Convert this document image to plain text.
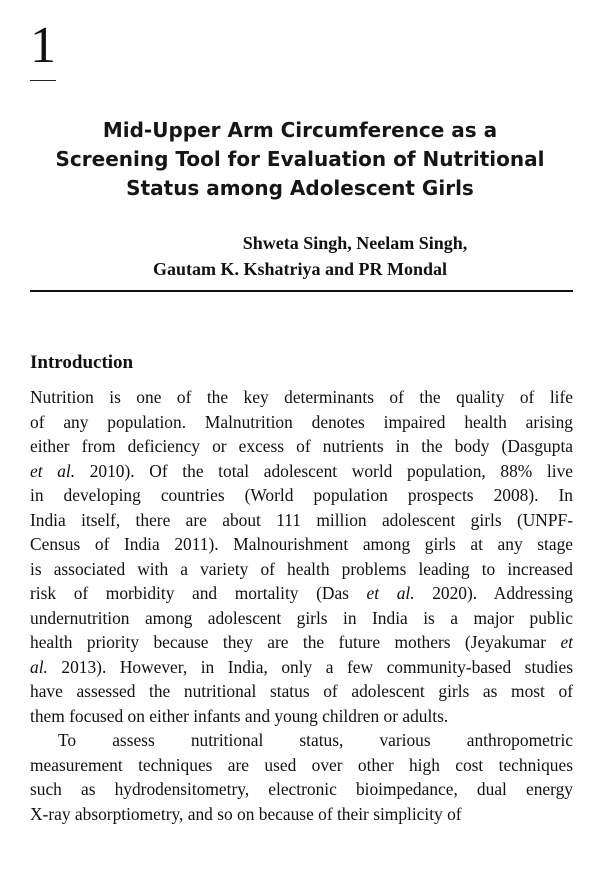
1
Mid-Upper Arm Circumference as a
Screening Tool for Evaluation of Nutritional
Status among Adolescent Girls
Shweta Singh, Neelam Singh,
Gautam K. Kshatriya and PR Mondal
Introduction
Nutrition is one of the key determinants of the quality of life
of any population. Malnutrition denotes impaired health arising
either from deficiency or excess of nutrients in the body (Dasgupta
et al. 2010). Of the total adolescent world population, 88% live
in developing countries (World population prospects 2008). In
India itself, there are about 111 million adolescent girls (UNPF-
Census of India 2011). Malnourishment among girls at any stage
is associated with a variety of health problems leading to increased
risk of morbidity and mortality (Das et al. 2020). Addressing
undernutrition among adolescent girls in India is a major public
health priority because they are the future mothers (Jeyakumar et
al. 2013). However, in India, only a few community-based studies
have assessed the nutritional status of adolescent girls as most of
them focused on either infants and young children or adults.
To assess nutritional status, various anthropometric
measurement techniques are used over other high cost techniques
such as hydrodensitometry, electronic bioimpedance, dual energy
X-ray absorptiometry, and so on because of their simplicity of
